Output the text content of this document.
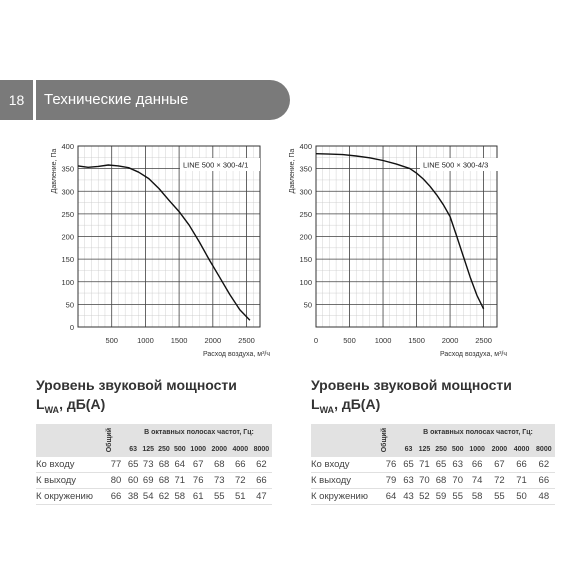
18	Технические данные
400
350
300
250
200
150
100
50
0
500	1000 1500 2000 2500
Давление, Па
Расход воздуха, м³/ч
LINE 500 × 300-4/1
400
350
300
250
200
150
100
50
0	500	1000 1500 2000 2500
Давление, Па
Расход воздуха, м³/ч
LINE 500 × 300-4/3
Уровень звуковой мощности
$L_{WA}$, дБ(А)

	Общий	В октавных полосах частот, Гц:							
		63	125	250	500	1000	2000	4000	8000
Ко входу	77	65	73	68	64	67	68	66	62
К выходу	80	60	69	68	71	76	73	72	66
К окружению	66	38	54	62	58	61	55	51	47
Уровень звуковой мощности
$L_{WA}$, дБ(А)

	Общий	В октавных полосах частот, Гц:							
		63	125	250	500	1000	2000	4000	8000
Ко входу	76	65	71	65	63	66	67	66	62
К выходу	79	63	70	68	70	74	72	71	66
К окружению	64	43	52	59	55	58	55	50	48
